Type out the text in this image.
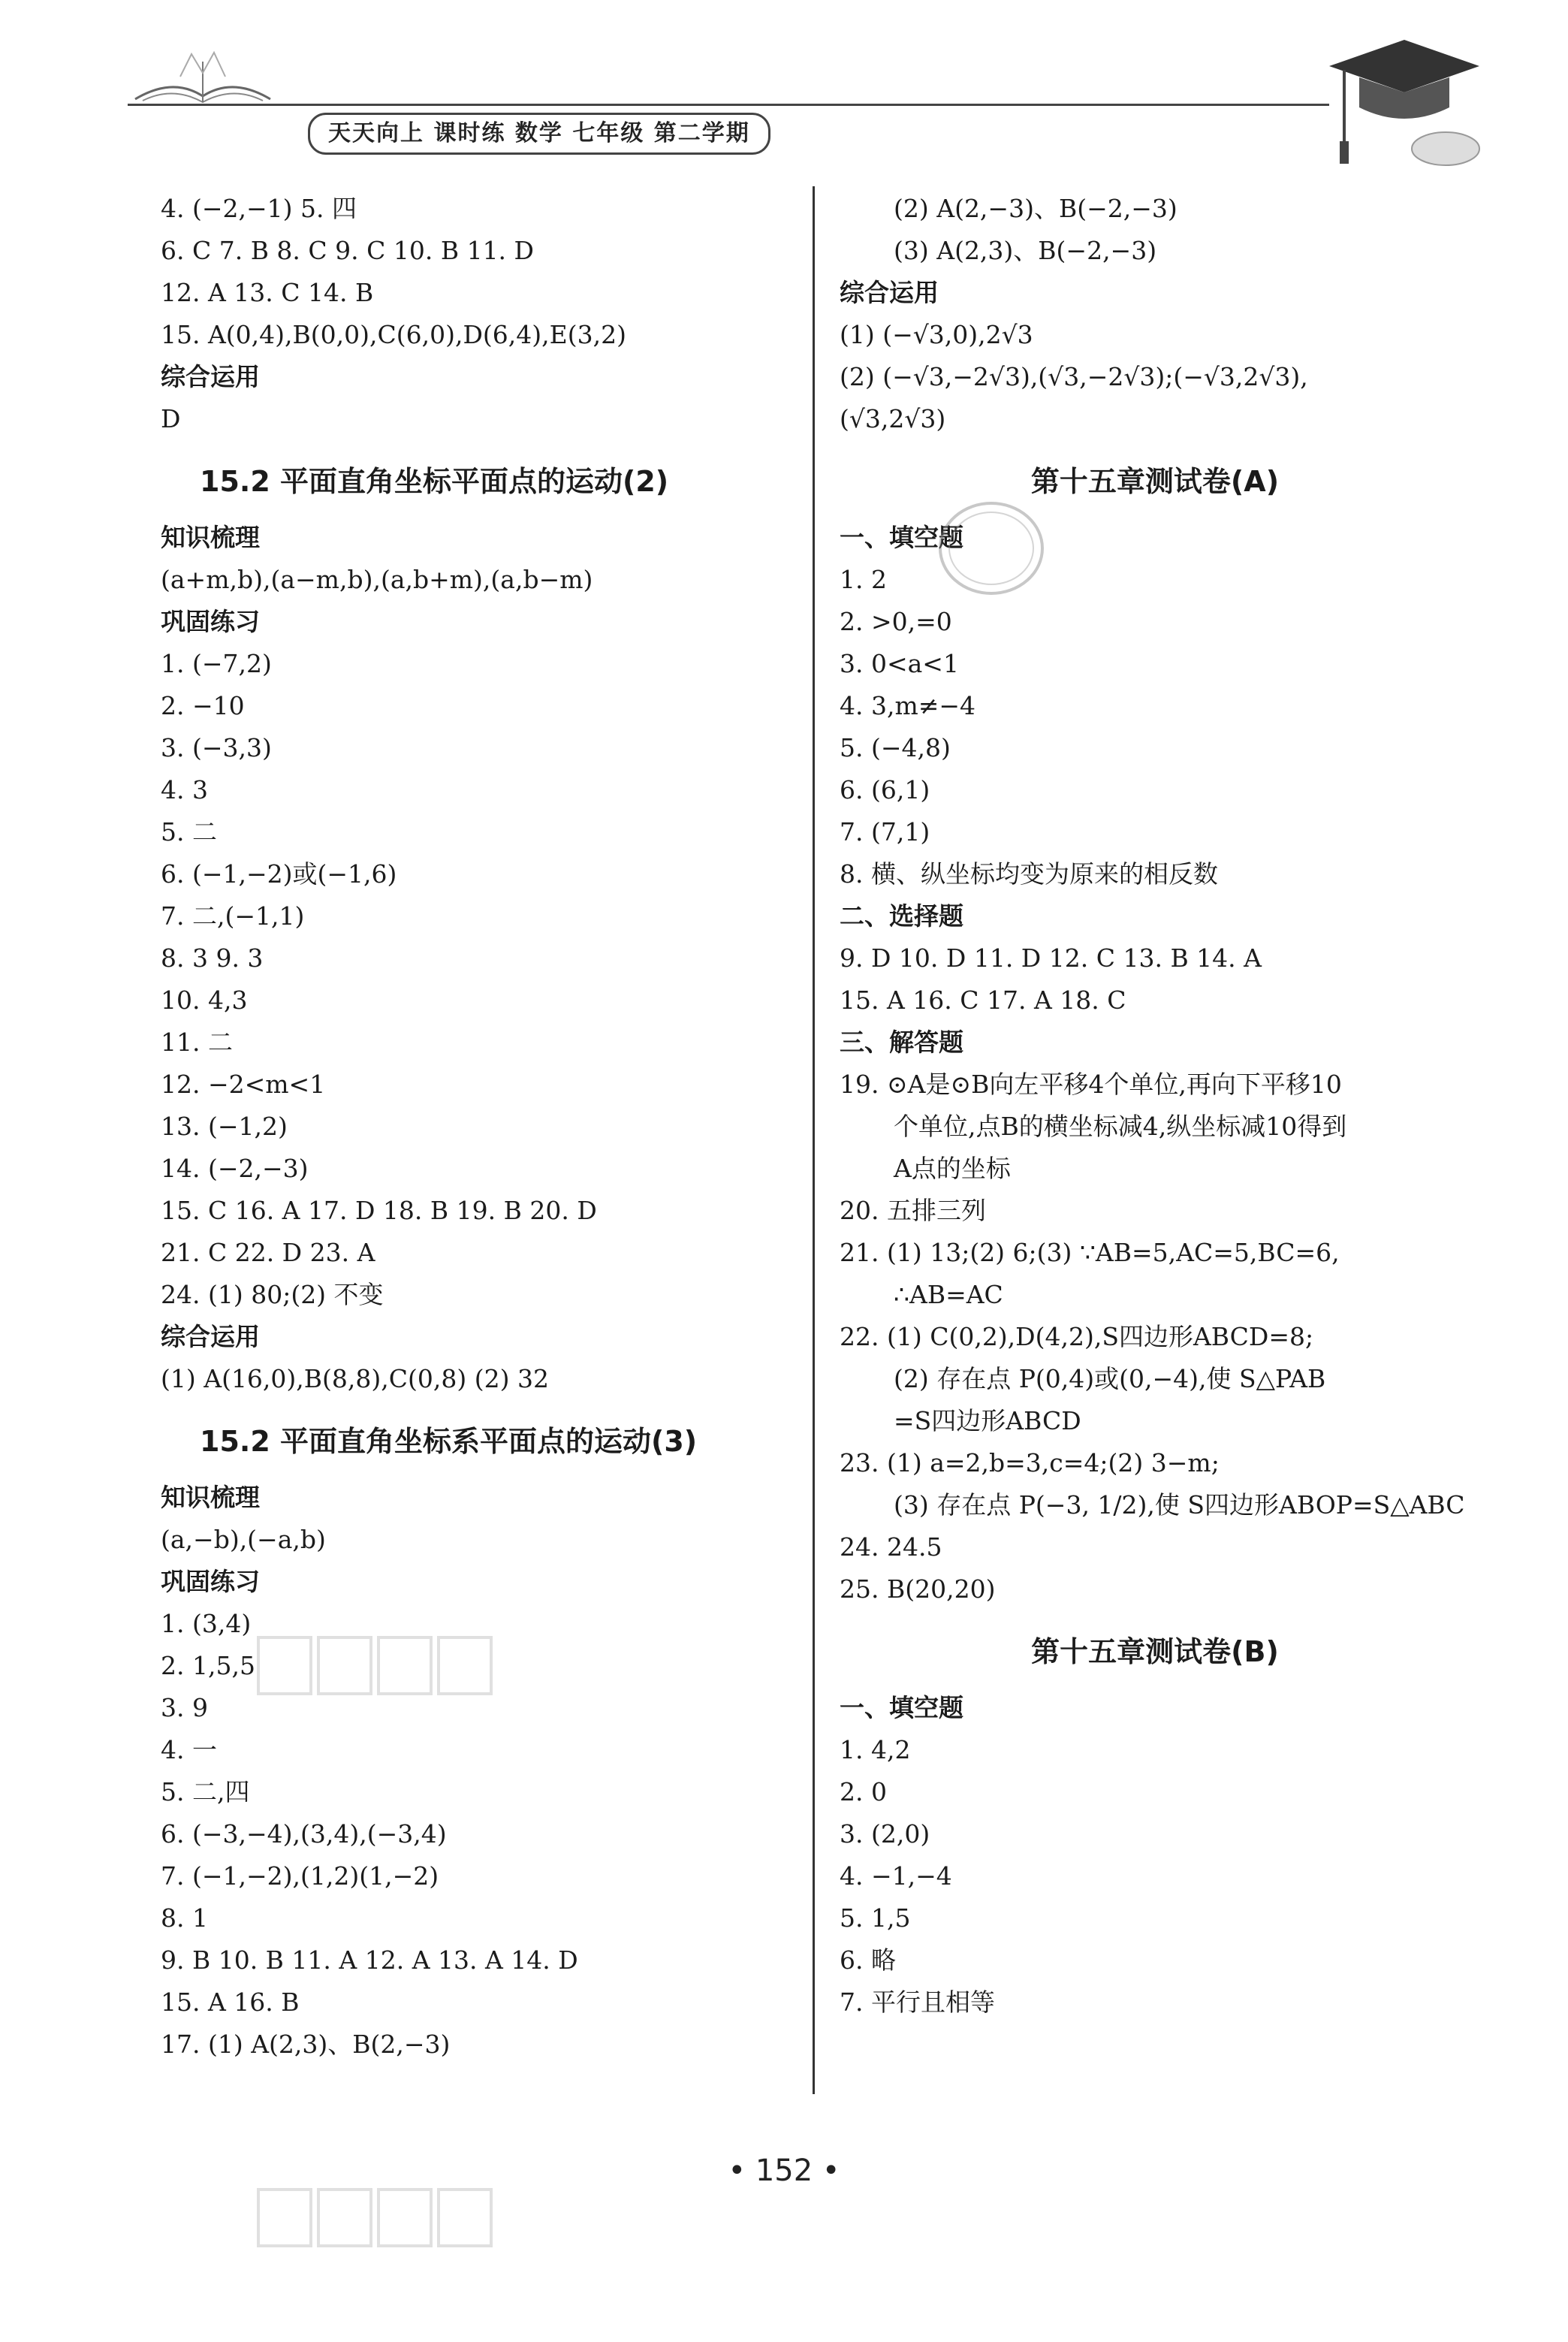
天天向上 课时练 数学 七年级 第二学期
4. (−2,−1) 5. 四
6. C 7. B 8. C 9. C 10. B 11. D
12. A 13. C 14. B
15. A(0,4),B(0,0),C(6,0),D(6,4),E(3,2)
综合运用
D
15.2 平面直角坐标平面点的运动(2)
知识梳理
(a+m,b),(a−m,b),(a,b+m),(a,b−m)
巩固练习
1. (−7,2)
2. −10
3. (−3,3)
4. 3
5. 二
6. (−1,−2)或(−1,6)
7. 二,(−1,1)
8. 3 9. 3
10. 4,3
11. 二
12. −2<m<1
13. (−1,2)
14. (−2,−3)
15. C 16. A 17. D 18. B 19. B 20. D
21. C 22. D 23. A
24. (1) 80;(2) 不变
综合运用
(1) A(16,0),B(8,8),C(0,8) (2) 32
15.2 平面直角坐标系平面点的运动(3)
知识梳理
(a,−b),(−a,b)
巩固练习
1. (3,4)
2. 1,5,5
3. 9
4. 一
5. 二,四
6. (−3,−4),(3,4),(−3,4)
7. (−1,−2),(1,2)(1,−2)
8. 1
9. B 10. B 11. A 12. A 13. A 14. D
15. A 16. B
17. (1) A(2,3)、B(2,−3)
(2) A(2,−3)、B(−2,−3)
(3) A(2,3)、B(−2,−3)
综合运用
(1) (−√3,0),2√3
(2) (−√3,−2√3),(√3,−2√3);(−√3,2√3),
(√3,2√3)
第十五章测试卷(A)
一、填空题
1. 2
2. >0,=0
3. 0<a<1
4. 3,m≠−4
5. (−4,8)
6. (6,1)
7. (7,1)
8. 横、纵坐标均变为原来的相反数
二、选择题
9. D 10. D 11. D 12. C 13. B 14. A
15. A 16. C 17. A 18. C
三、解答题
19. ⊙A是⊙B向左平移4个单位,再向下平移10
个单位,点B的横坐标减4,纵坐标减10得到
A点的坐标
20. 五排三列
21. (1) 13;(2) 6;(3) ∵AB=5,AC=5,BC=6,
∴AB=AC
22. (1) C(0,2),D(4,2),S四边形ABCD=8;
(2) 存在点 P(0,4)或(0,−4),使 S△PAB
=S四边形ABCD
23. (1) a=2,b=3,c=4;(2) 3−m;
(3) 存在点 P(−3, 1/2),使 S四边形ABOP=S△ABC
24. 24.5
25. B(20,20)
第十五章测试卷(B)
一、填空题
1. 4,2
2. 0
3. (2,0)
4. −1,−4
5. 1,5
6. 略
7. 平行且相等
• 152 •
